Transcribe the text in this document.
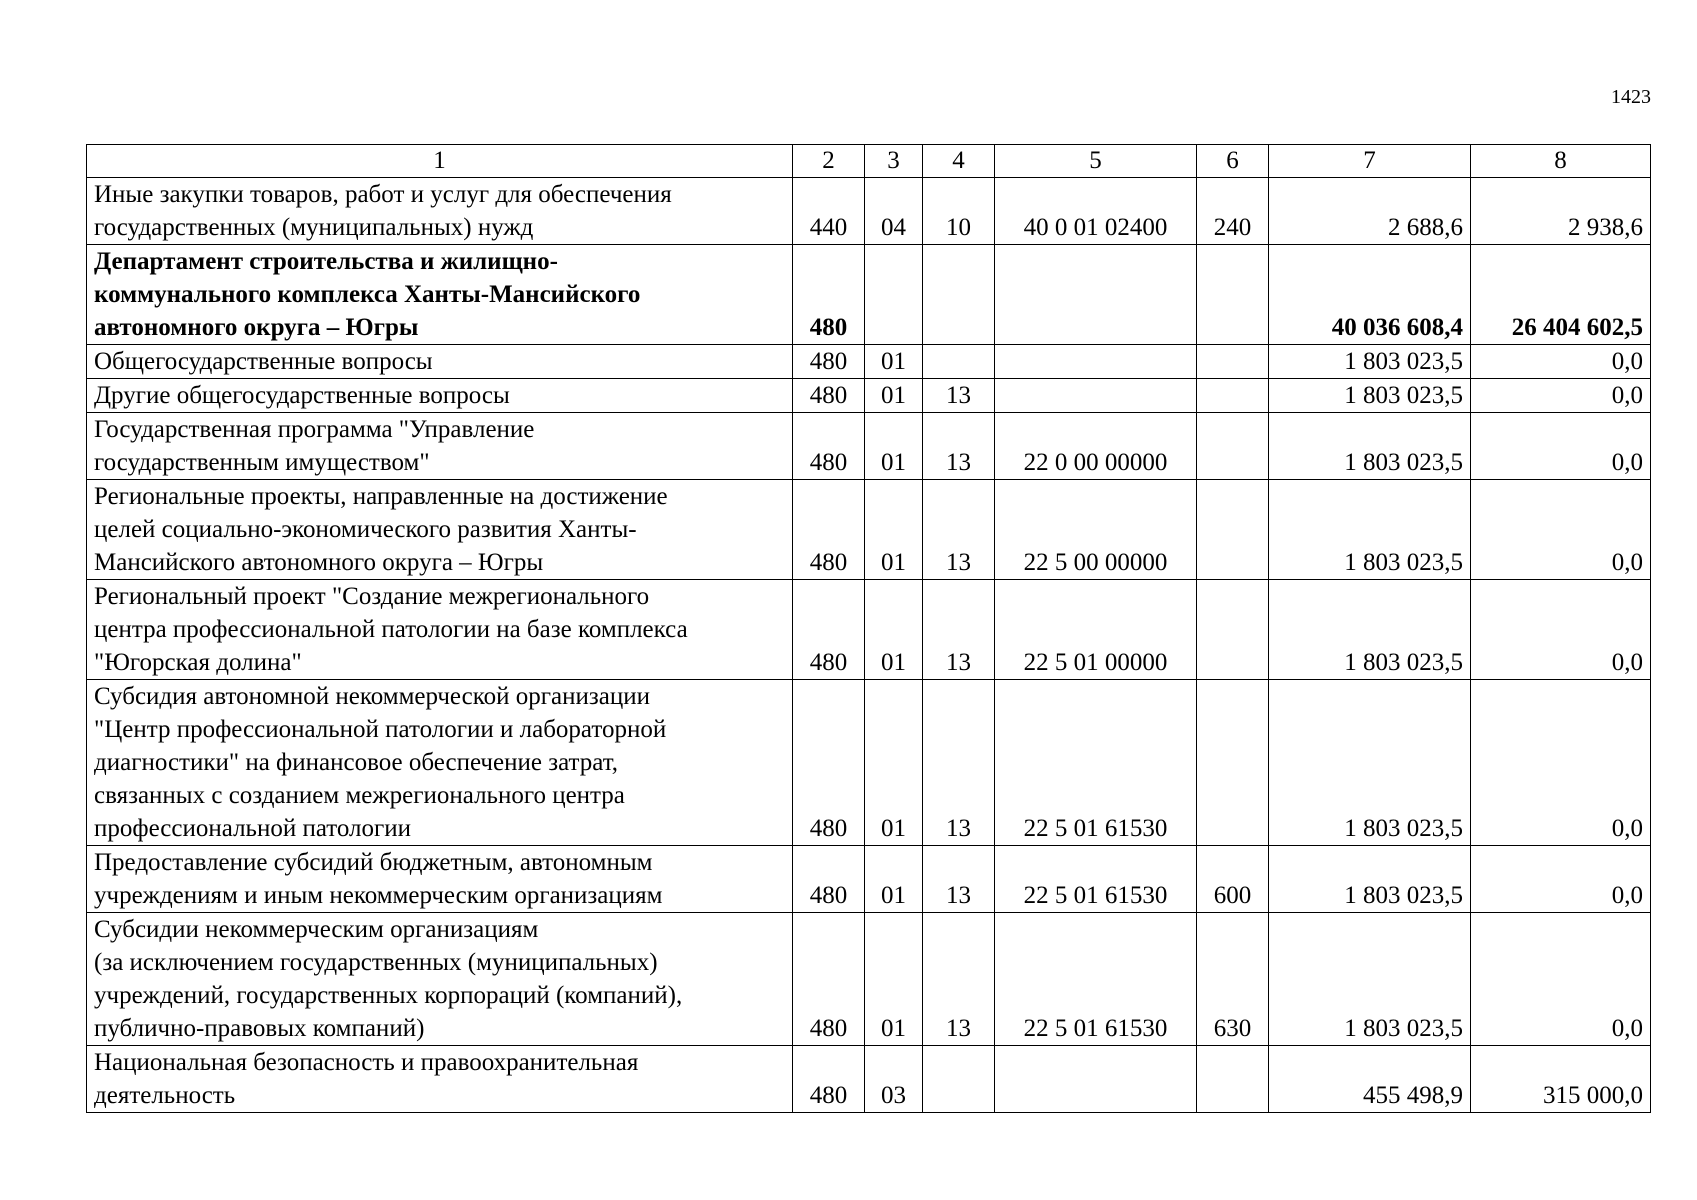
1423
1	2	3	4	5	6	7	8
Иные закупки товаров, работ и услуг для обеспечения
государственных (муниципальных) нужд	440	04	10	40 0 01 02400	240	2 688,6	2 938,6
Департамент строительства и жилищно-
коммунального комплекса Ханты-Мансийского
автономного округа – Югры	480					40 036 608,4	26 404 602,5
Общегосударственные вопросы	480	01				1 803 023,5	0,0
Другие общегосударственные вопросы	480	01	13			1 803 023,5	0,0
Государственная программа "Управление
государственным имуществом"	480	01	13	22 0 00 00000		1 803 023,5	0,0
Региональные проекты, направленные на достижение
целей социально-экономического развития Ханты-
Мансийского автономного округа – Югры	480	01	13	22 5 00 00000		1 803 023,5	0,0
Региональный проект "Создание межрегионального
центра профессиональной патологии на базе комплекса
"Югорская долина"	480	01	13	22 5 01 00000		1 803 023,5	0,0
Субсидия автономной некоммерческой организации
"Центр профессиональной патологии и лабораторной
диагностики" на финансовое обеспечение затрат,
связанных с созданием межрегионального центра
профессиональной патологии	480	01	13	22 5 01 61530		1 803 023,5	0,0
Предоставление субсидий бюджетным, автономным
учреждениям и иным некоммерческим организациям	480	01	13	22 5 01 61530	600	1 803 023,5	0,0
Субсидии некоммерческим организациям
(за исключением государственных (муниципальных)
учреждений, государственных корпораций (компаний),
публично-правовых компаний)	480	01	13	22 5 01 61530	630	1 803 023,5	0,0
Национальная безопасность и правоохранительная
деятельность	480	03				455 498,9	315 000,0
